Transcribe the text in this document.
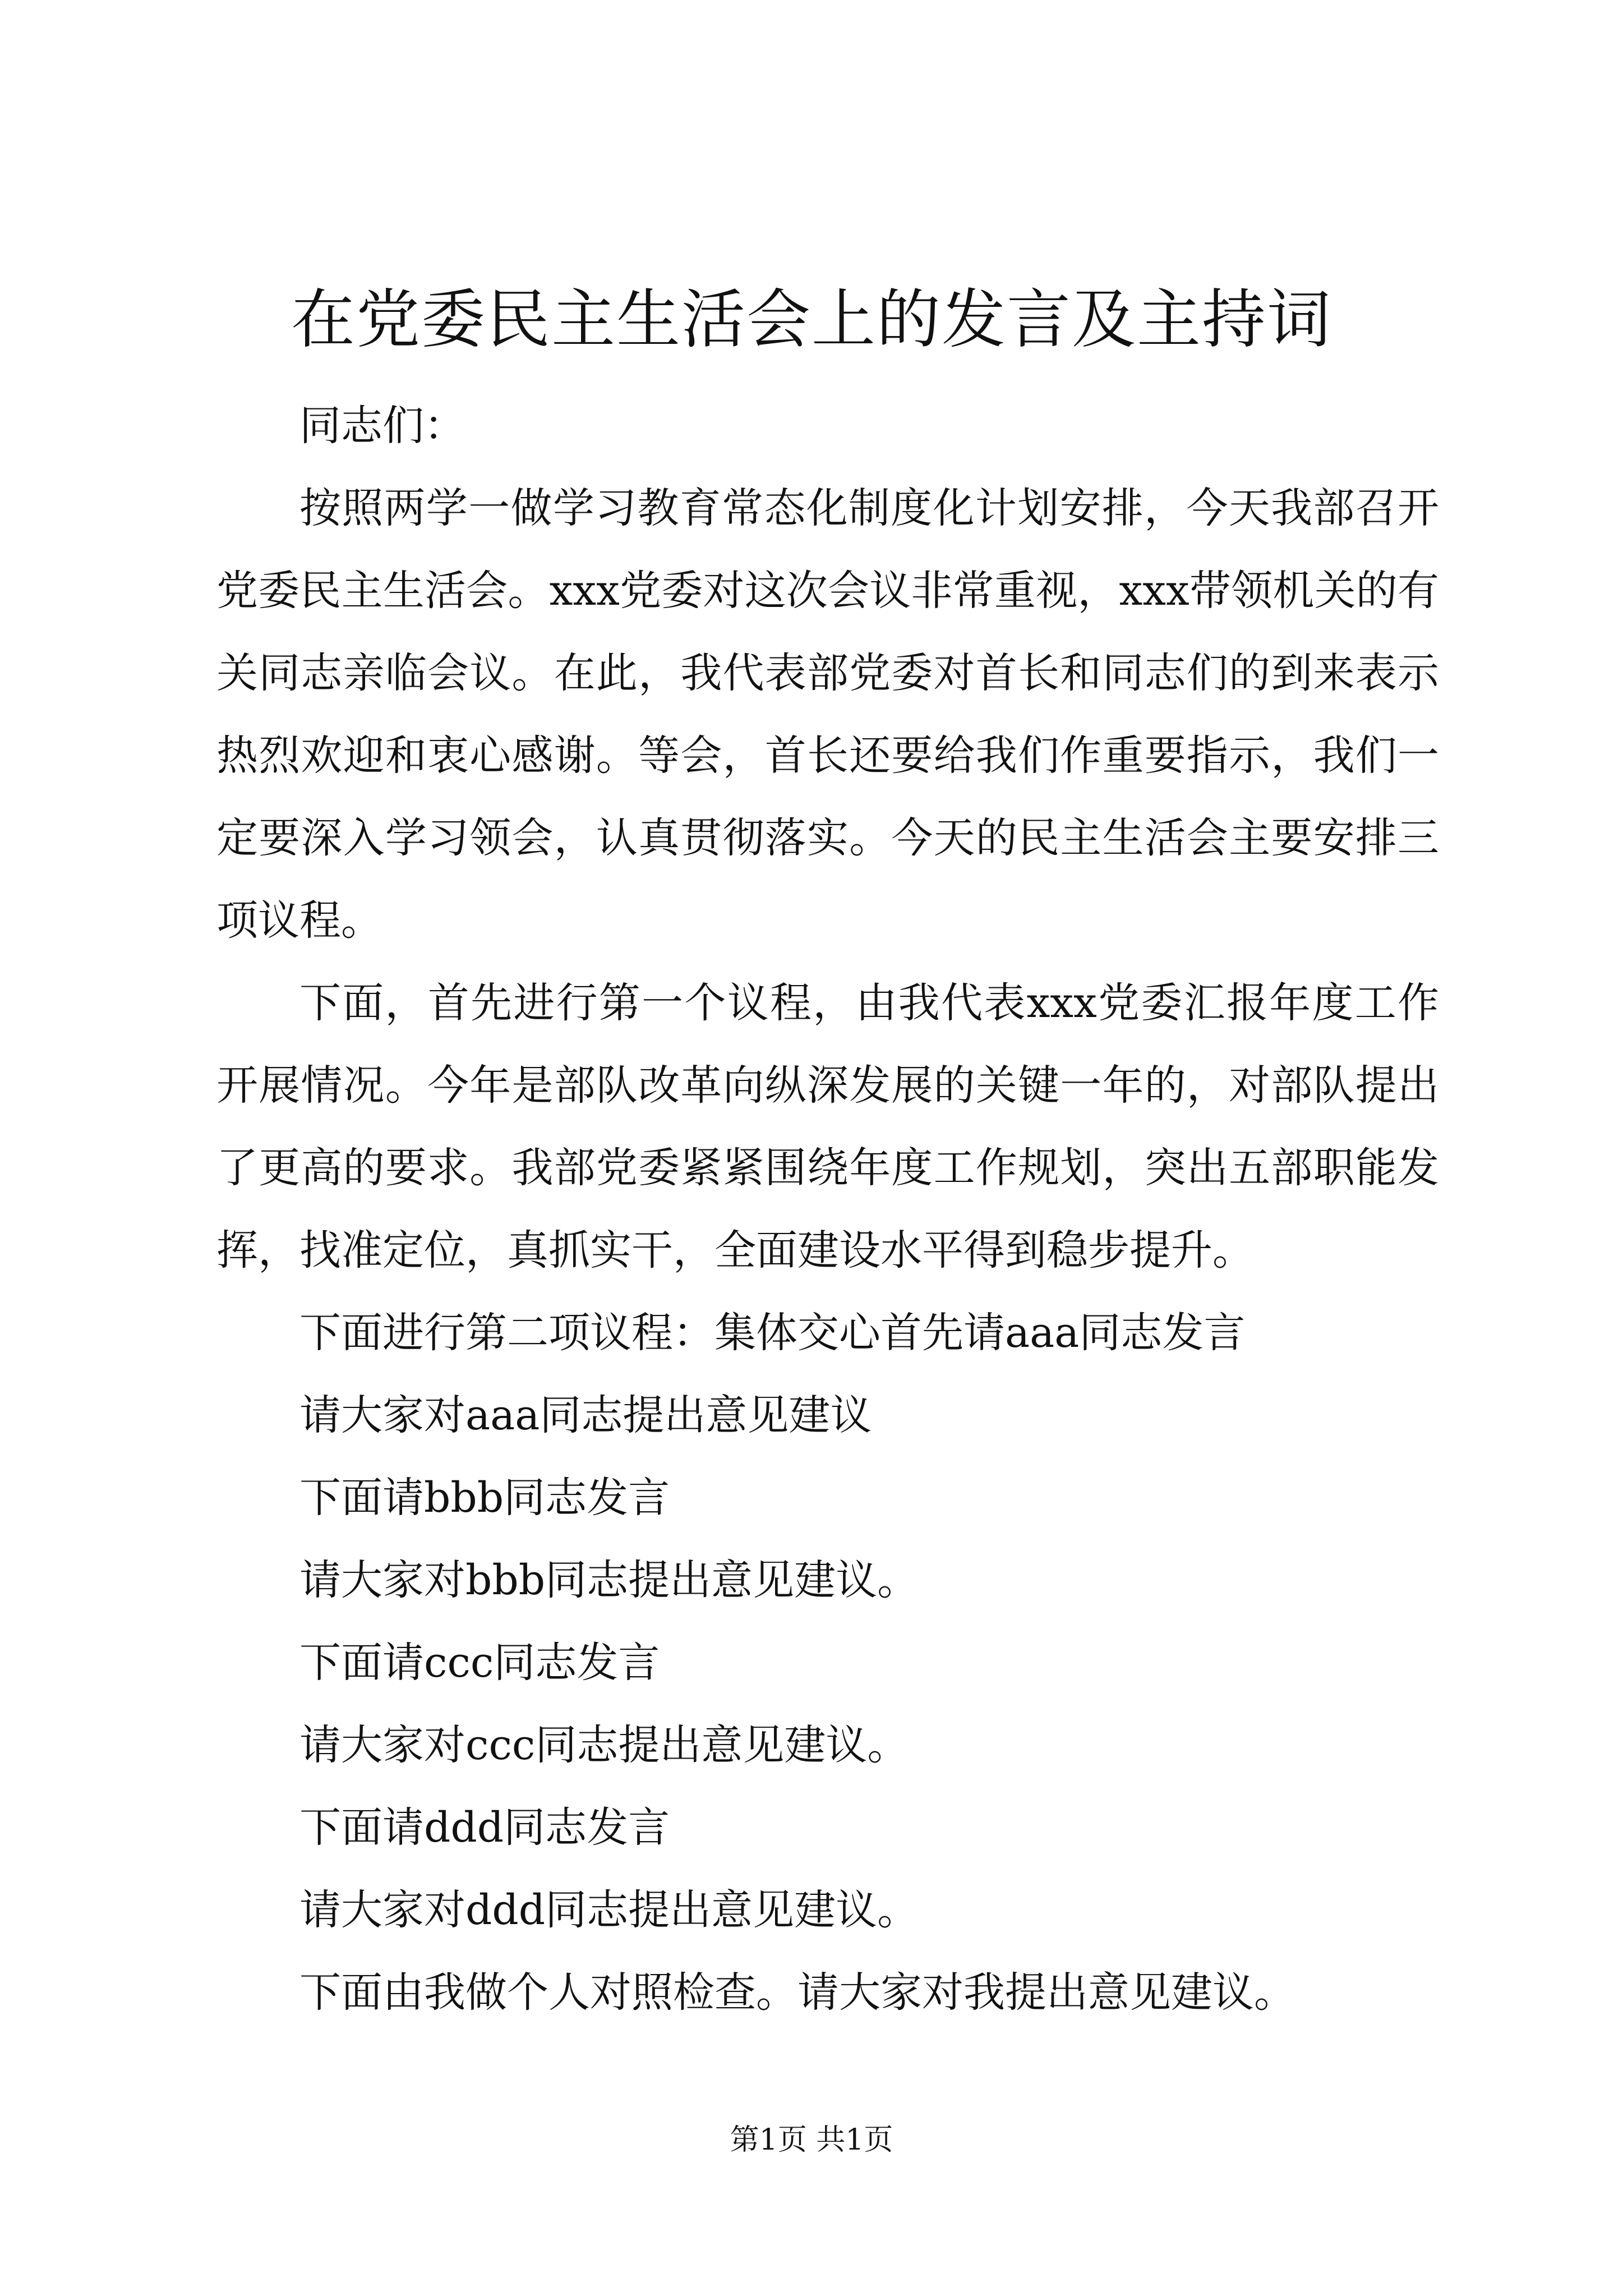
在党委民主生活会上的发言及主持词

同志们：

按照两学一做学习教育常态化制度化计划安排，今天我部召开党委民主生活会。xxx党委对这次会议非常重视，xxx带领机关的有关同志亲临会议。在此，我代表部党委对首长和同志们的到来表示热烈欢迎和衷心感谢。等会，首长还要给我们作重要指示，我们一定要深入学习领会，认真贯彻落实。今天的民主生活会主要安排三项议程。

下面，首先进行第一个议程，由我代表xxx党委汇报年度工作开展情况。今年是部队改革向纵深发展的关键一年的，对部队提出了更高的要求。我部党委紧紧围绕年度工作规划，突出五部职能发挥，找准定位，真抓实干，全面建设水平得到稳步提升。

下面进行第二项议程：集体交心首先请aaa同志发言

请大家对aaa同志提出意见建议

下面请bbb同志发言

请大家对bbb同志提出意见建议。

下面请ccc同志发言

请大家对ccc同志提出意见建议。

下面请ddd同志发言

请大家对ddd同志提出意见建议。

下面由我做个人对照检查。请大家对我提出意见建议。

第1页 共1页
